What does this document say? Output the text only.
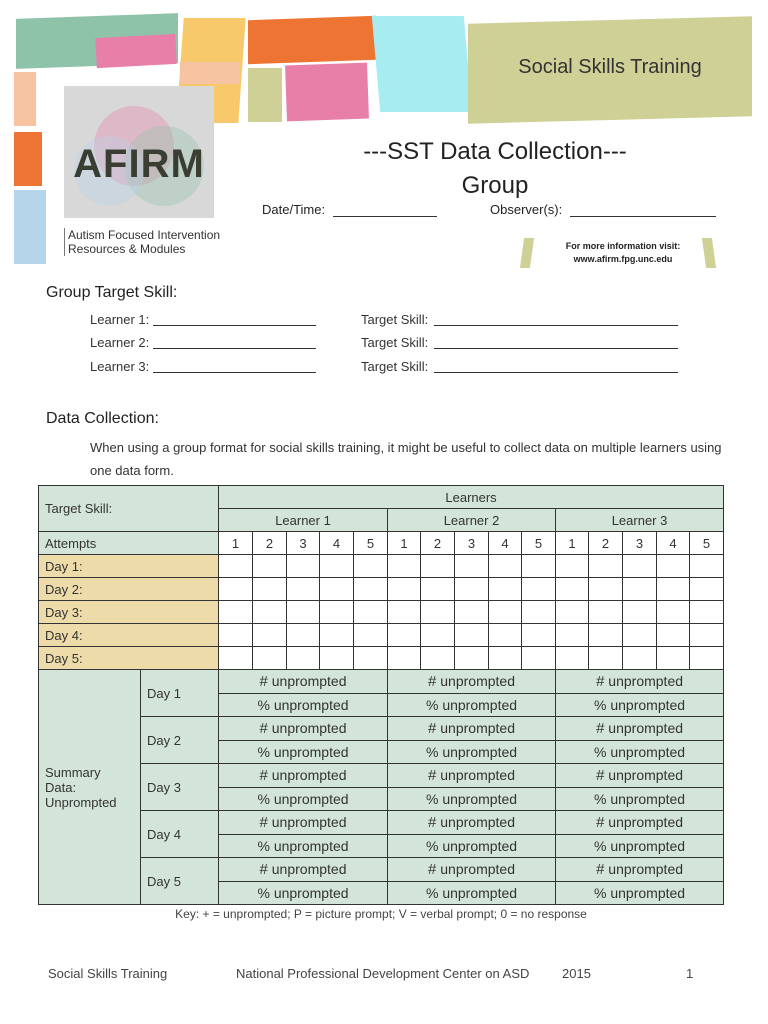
Social Skills Training
AFIRM
Autism Focused Intervention
Resources & Modules
---SST Data Collection---
Group
Date/Time:	Observer(s):
For more information visit:
www.afirm.fpg.unc.edu
Group Target Skill:
Learner 1:	Target Skill:
Learner 2:	Target Skill:
Learner 3:	Target Skill:
Data Collection:
When using a group format for social skills training, it might be useful to collect data on multiple learners using one data form.
Target Skill:		Learners														
		Learner 1					Learner 2					Learner 3				
Attempts		1	2	3	4	5	1	2	3	4	5	1	2	3	4	5
Day 1:																
Day 2:																
Day 3:																
Day 4:																
Day 5:																
Summary Data: Unprompted	Day 1	# unprompted					# unprompted					# unprompted				
		% unprompted					% unprompted					% unprompted				
	Day 2	# unprompted					# unprompted					# unprompted				
		% unprompted					% unprompted					% unprompted				
	Day 3	# unprompted					# unprompted					# unprompted				
		% unprompted					% unprompted					% unprompted				
	Day 4	# unprompted					# unprompted					# unprompted				
		% unprompted					% unprompted					% unprompted				
	Day 5	# unprompted					# unprompted					# unprompted				
		% unprompted					% unprompted					% unprompted				
Key: + = unprompted; P = picture prompt; V = verbal prompt; 0 = no response
Social Skills Training	National Professional Development Center on ASD	2015	1
